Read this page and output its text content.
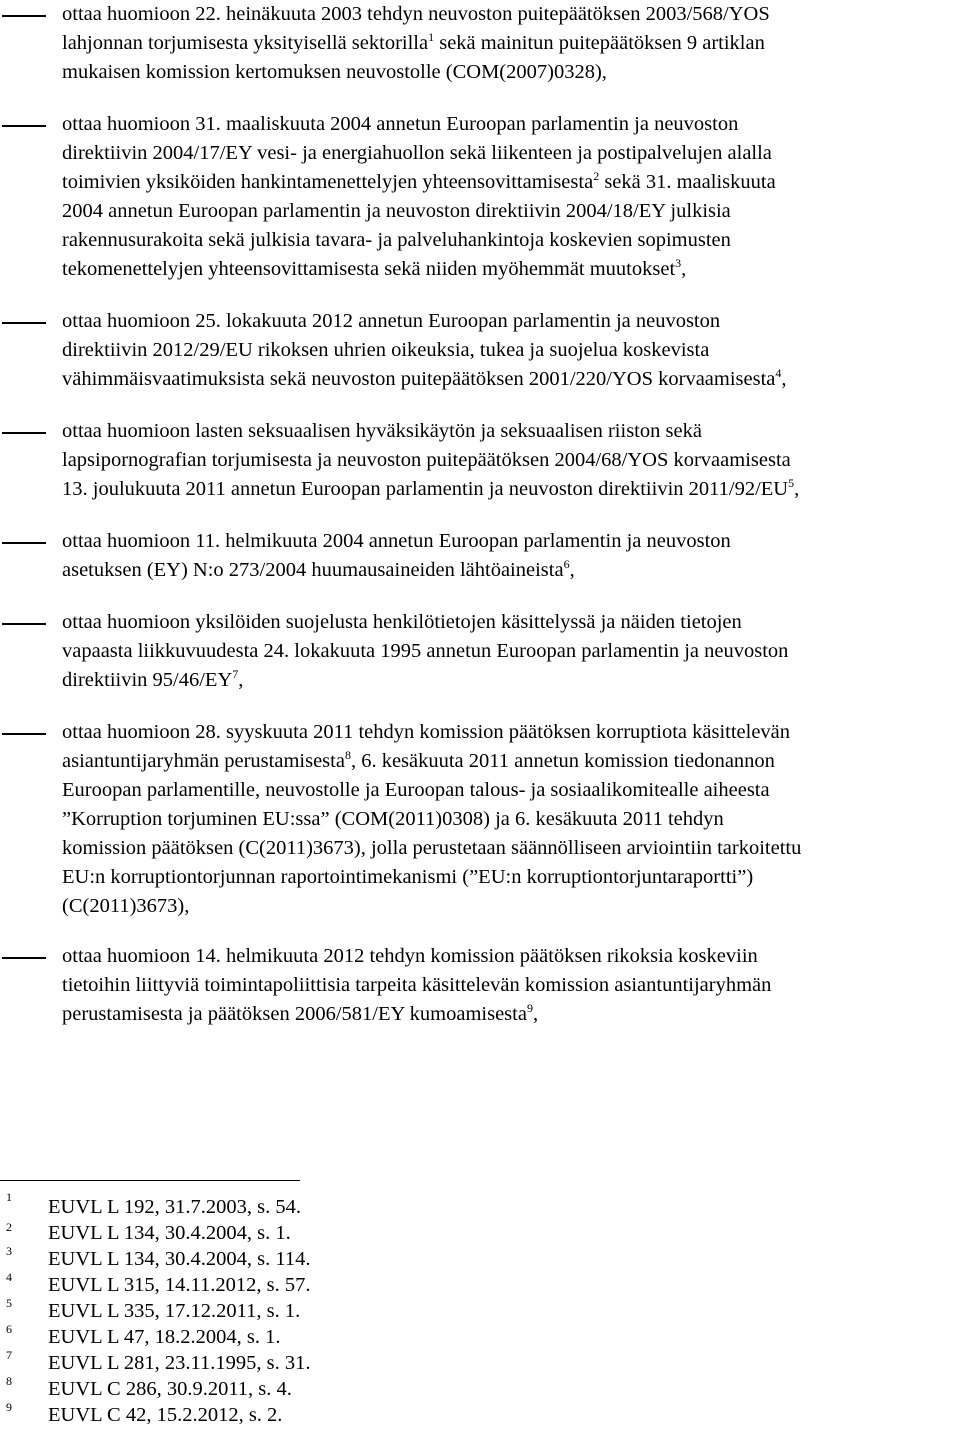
ottaa huomioon 22. heinäkuuta 2003 tehdyn neuvoston puitepäätöksen 2003/568/YOS
lahjonnan torjumisesta yksityisellä sektorilla$^1$ sekä mainitun puitepäätöksen 9 artiklan
mukaisen komission kertomuksen neuvostolle (COM(2007)0328),
ottaa huomioon 31. maaliskuuta 2004 annetun Euroopan parlamentin ja neuvoston
direktiivin 2004/17/EY vesi- ja energiahuollon sekä liikenteen ja postipalvelujen alalla
toimivien yksiköiden hankintamenettelyjen yhteensovittamisesta$^2$ sekä 31. maaliskuuta
2004 annetun Euroopan parlamentin ja neuvoston direktiivin 2004/18/EY julkisia
rakennusurakoita sekä julkisia tavara- ja palveluhankintoja koskevien sopimusten
tekomenettelyjen yhteensovittamisesta sekä niiden myöhemmät muutokset$^3$,
ottaa huomioon 25. lokakuuta 2012 annetun Euroopan parlamentin ja neuvoston
direktiivin 2012/29/EU rikoksen uhrien oikeuksia, tukea ja suojelua koskevista
vähimmäisvaatimuksista sekä neuvoston puitepäätöksen 2001/220/YOS korvaamisesta$^4$,
ottaa huomioon lasten seksuaalisen hyväksikäytön ja seksuaalisen riiston sekä
lapsipornografian torjumisesta ja neuvoston puitepäätöksen 2004/68/YOS korvaamisesta
13. joulukuuta 2011 annetun Euroopan parlamentin ja neuvoston direktiivin $2011/92/EU^5$,
ottaa huomioon 11. helmikuuta 2004 annetun Euroopan parlamentin ja neuvoston
asetuksen (EY) N:o 273/2004 huumausaineiden lähtöaineista$^6$,
ottaa huomioon yksilöiden suojelusta henkilötietojen käsittelyssä ja näiden tietojen
vapaasta liikkuvuudesta 24. lokakuuta 1995 annetun Euroopan parlamentin ja neuvoston
direktiivin $95/46/EY^7$,
ottaa huomioon 28. syyskuuta 2011 tehdyn komission päätöksen korruptiota käsittelevän
asiantuntijaryhmän perustamisesta$^8$, 6. kesäkuuta 2011 annetun komission tiedonannon
Euroopan parlamentille, neuvostolle ja Euroopan talous- ja sosiaalikomitealle aiheesta
”Korruption torjuminen EU:ssa” (COM(2011)0308) ja 6. kesäkuuta 2011 tehdyn
komission päätöksen (C(2011)3673), jolla perustetaan säännölliseen arviointiin tarkoitettu
EU:n korruptiontorjunnan raportointimekanismi (”EU:n korruptiontorjuntaraportti”)
(C(2011)3673),
ottaa huomioon 14. helmikuuta 2012 tehdyn komission päätöksen rikoksia koskeviin
tietoihin liittyviä toimintapoliittisia tarpeita käsittelevän komission asiantuntijaryhmän
perustamisesta ja päätöksen 2006/581/EY kumoamisesta$^9$,
1 EUVL L 192, 31.7.2003, s. 54.
2 EUVL L 134, 30.4.2004, s. 1.
3 EUVL L 134, 30.4.2004, s. 114.
4 EUVL L 315, 14.11.2012, s. 57.
5 EUVL L 335, 17.12.2011, s. 1.
6 EUVL L 47, 18.2.2004, s. 1.
7 EUVL L 281, 23.11.1995, s. 31.
8 EUVL C 286, 30.9.2011, s. 4.
9 EUVL C 42, 15.2.2012, s. 2.
